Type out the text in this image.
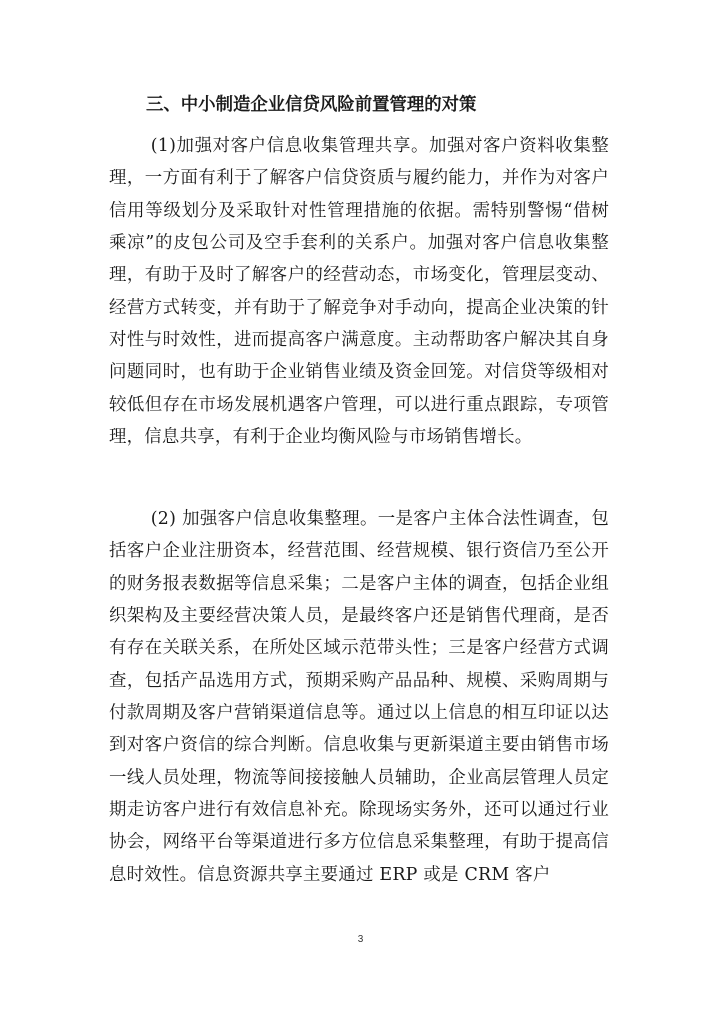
三、中小制造企业信贷风险前置管理的对策

(1)加强对客户信息收集管理共享。加强对客户资料收集整理，一方面有利于了解客户信贷资质与履约能力，并作为对客户信用等级划分及采取针对性管理措施的依据。需特别警惕“借树乘凉”的皮包公司及空手套利的关系户。加强对客户信息收集整理，有助于及时了解客户的经营动态，市场变化，管理层变动、经营方式转变，并有助于了解竞争对手动向，提高企业决策的针对性与时效性，进而提高客户满意度。主动帮助客户解决其自身问题同时，也有助于企业销售业绩及资金回笼。对信贷等级相对较低但存在市场发展机遇客户管理，可以进行重点跟踪，专项管理，信息共享，有利于企业均衡风险与市场销售增长。

(2) 加强客户信息收集整理。一是客户主体合法性调查，包括客户企业注册资本，经营范围、经营规模、银行资信乃至公开的财务报表数据等信息采集；二是客户主体的调查，包括企业组织架构及主要经营决策人员，是最终客户还是销售代理商，是否有存在关联关系，在所处区域示范带头性；三是客户经营方式调查，包括产品选用方式，预期采购产品品种、规模、采购周期与付款周期及客户营销渠道信息等。通过以上信息的相互印证以达到对客户资信的综合判断。信息收集与更新渠道主要由销售市场一线人员处理，物流等间接接触人员辅助，企业高层管理人员定期走访客户进行有效信息补充。除现场实务外，还可以通过行业协会，网络平台等渠道进行多方位信息采集整理，有助于提高信息时效性。信息资源共享主要通过 ERP 或是 CRM 客户

3
